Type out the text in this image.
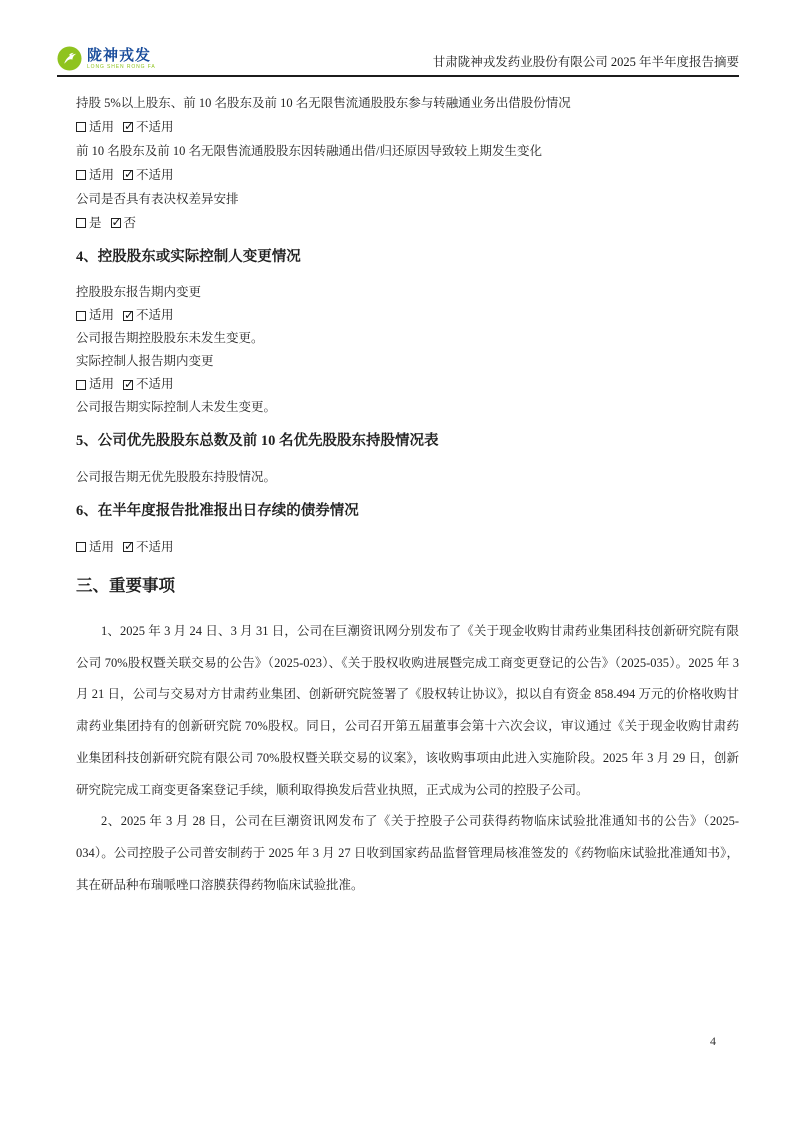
陇神戎发
LONG SHEN RONG FA	甘肃陇神戎发药业股份有限公司 2025 年半年度报告摘要

持股 5%以上股东、前 10 名股东及前 10 名无限售流通股股东参与转融通业务出借股份情况

适用 ✓ 不适用

前 10 名股东及前 10 名无限售流通股股东因转融通出借/归还原因导致较上期发生变化

适用 ✓ 不适用

公司是否具有表决权差异安排

是 ✓ 否

4、控股股东或实际控制人变更情况

控股股东报告期内变更

适用 ✓ 不适用

公司报告期控股股东未发生变更。

实际控制人报告期内变更

适用 ✓ 不适用

公司报告期实际控制人未发生变更。

5、公司优先股股东总数及前 10 名优先股股东持股情况表

公司报告期无优先股股东持股情况。

6、在半年度报告批准报出日存续的债券情况

适用 ✓ 不适用

三、重要事项

1、2025 年 3 月 24 日、3 月 31 日，公司在巨潮资讯网分别发布了《关于现金收购甘肃药业集团科技创新研究院有限公司 70%股权暨关联交易的公告》（2025-023）、《关于股权收购进展暨完成工商变更登记的公告》（2025-035）。2025 年 3 月 21 日，公司与交易对方甘肃药业集团、创新研究院签署了《股权转让协议》，拟以自有资金 858.494 万元的价格收购甘肃药业集团持有的创新研究院 70%股权。同日，公司召开第五届董事会第十六次会议，审议通过《关于现金收购甘肃药业集团科技创新研究院有限公司 70%股权暨关联交易的议案》，该收购事项由此进入实施阶段。2025 年 3 月 29 日，创新研究院完成工商变更备案登记手续，顺利取得换发后营业执照，正式成为公司的控股子公司。

2、2025 年 3 月 28 日，公司在巨潮资讯网发布了《关于控股子公司获得药物临床试验批准通知书的公告》（2025-034）。公司控股子公司普安制药于 2025 年 3 月 27 日收到国家药品监督管理局核准签发的《药物临床试验批准通知书》，其在研品种布瑞哌唑口溶膜获得药物临床试验批准。

4
